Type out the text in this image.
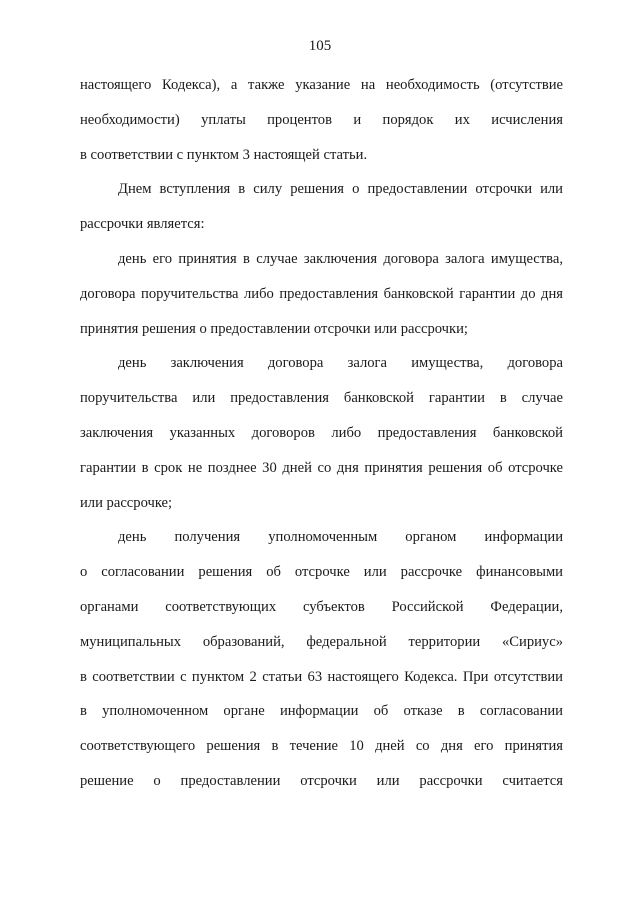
105
настоящего Кодекса), а также указание на необходимость (отсутствие
необходимости) уплаты процентов и порядок их исчисления
в соответствии с пунктом 3 настоящей статьи.
Днем вступления в силу решения о предоставлении отсрочки или
рассрочки является:
день его принятия в случае заключения договора залога имущества,
договора поручительства либо предоставления банковской гарантии до дня
принятия решения о предоставлении отсрочки или рассрочки;
день заключения договора залога имущества, договора
поручительства или предоставления банковской гарантии в случае
заключения указанных договоров либо предоставления банковской
гарантии в срок не позднее 30 дней со дня принятия решения об отсрочке
или рассрочке;
день получения уполномоченным органом информации
о согласовании решения об отсрочке или рассрочке финансовыми
органами соответствующих субъектов Российской Федерации,
муниципальных образований, федеральной территории «Сириус»
в соответствии с пунктом 2 статьи 63 настоящего Кодекса. При отсутствии
в уполномоченном органе информации об отказе в согласовании
соответствующего решения в течение 10 дней со дня его принятия
решение о предоставлении отсрочки или рассрочки считается
